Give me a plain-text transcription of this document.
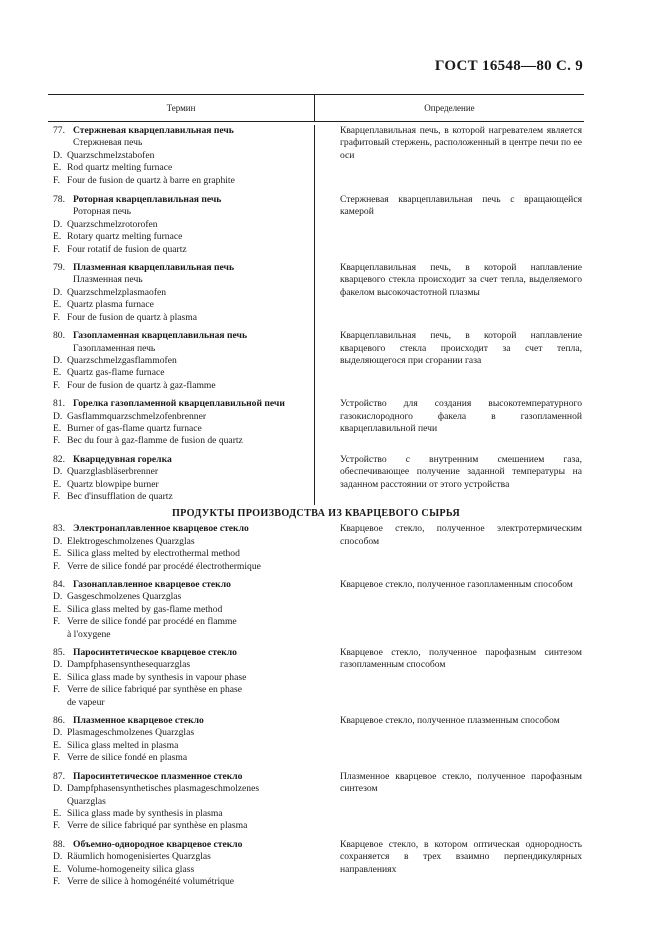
ГОСТ 16548—80 С. 9
Термин	Определение
77. Стержневая кварцеплавильная печь
Стержневая печь
D. Quarzschmelzstabofen
E. Rod quartz melting furnace
F. Four de fusion de quartz à barre en graphite
Кварцеплавильная печь, в которой нагревателем является графитовый стержень, расположенный в центре печи по ее оси
78. Роторная кварцеплавильная печь
Роторная печь
D. Quarzschmelzrotorofen
E. Rotary quartz melting furnace
F. Four rotatif de fusion de quartz
Стержневая кварцеплавильная печь с вращающейся камерой
79. Плазменная кварцеплавильная печь
Плазменная печь
D. Quarzschmelzplasmaofen
E. Quartz plasma furnace
F. Four de fusion de quartz à plasma
Кварцеплавильная печь, в которой наплавление кварцевого стекла происходит за счет тепла, выделяемого факелом высокочастотной плазмы
80. Газопламенная кварцеплавильная печь
Газопламенная печь
D. Quarzschmelzgasflammofen
E. Quartz gas-flame furnace
F. Four de fusion de quartz à gaz-flamme
Кварцеплавильная печь, в которой наплавление кварцевого стекла происходит за счет тепла, выделяющегося при сгорании газа
81. Горелка газопламенной кварцеплавильной печи
D. Gasflammquarzschmelzofenbrenner
E. Burner of gas-flame quartz furnace
F. Bec du four à gaz-flamme de fusion de quartz
Устройство для создания высокотемпературного газокислородного факела в газопламенной кварцеплавильной печи
82. Кварцедувная горелка
D. Quarzglasbläserbrenner
E. Quartz blowpipe burner
F. Bec d'insufflation de quartz
Устройство с внутренним смешением газа, обеспечивающее получение заданной температуры на заданном расстоянии от этого устройства
ПРОДУКТЫ ПРОИЗВОДСТВА ИЗ КВАРЦЕВОГО СЫРЬЯ
83. Электронаплавленное кварцевое стекло
D. Elektrogeschmolzenes Quarzglas
E. Silica glass melted by electrothermal method
F. Verre de silice fondé par procédé électrothermique
Кварцевое стекло, полученное электротермическим способом
84. Газонаплавленное кварцевое стекло
D. Gasgeschmolzenes Quarzglas
E. Silica glass melted by gas-flame method
F. Verre de silice fondé par procédé en flamme
à l'oxygene
Кварцевое стекло, полученное газопламенным способом
85. Паросинтетическое кварцевое стекло
D. Dampfphasensynthesequarzglas
E. Silica glass made by synthesis in vapour phase
F. Verre de silice fabriqué par synthèse en phase
de vapeur
Кварцевое стекло, полученное парофазным синтезом газопламенным способом
86. Плазменное кварцевое стекло
D. Plasmageschmolzenes Quarzglas
E. Silica glass melted in plasma
F. Verre de silice fondé en plasma
Кварцевое стекло, полученное плазменным способом
87. Паросинтетическое плазменное стекло
D. Dampfphasensynthetisches plasmageschmolzenes
Quarzglas
E. Silica glass made by synthesis in plasma
F. Verre de silice fabriqué par synthèse en plasma
Плазменное кварцевое стекло, полученное парофазным синтезом
88. Объемно-однородное кварцевое стекло
D. Räumlich homogenisiertes Quarzglas
E. Volume-homogeneity silica glass
F. Verre de silice à homogénéité volumétrique
Кварцевое стекло, в котором оптическая однородность сохраняется в трех взаимно перпендикулярных направлениях
